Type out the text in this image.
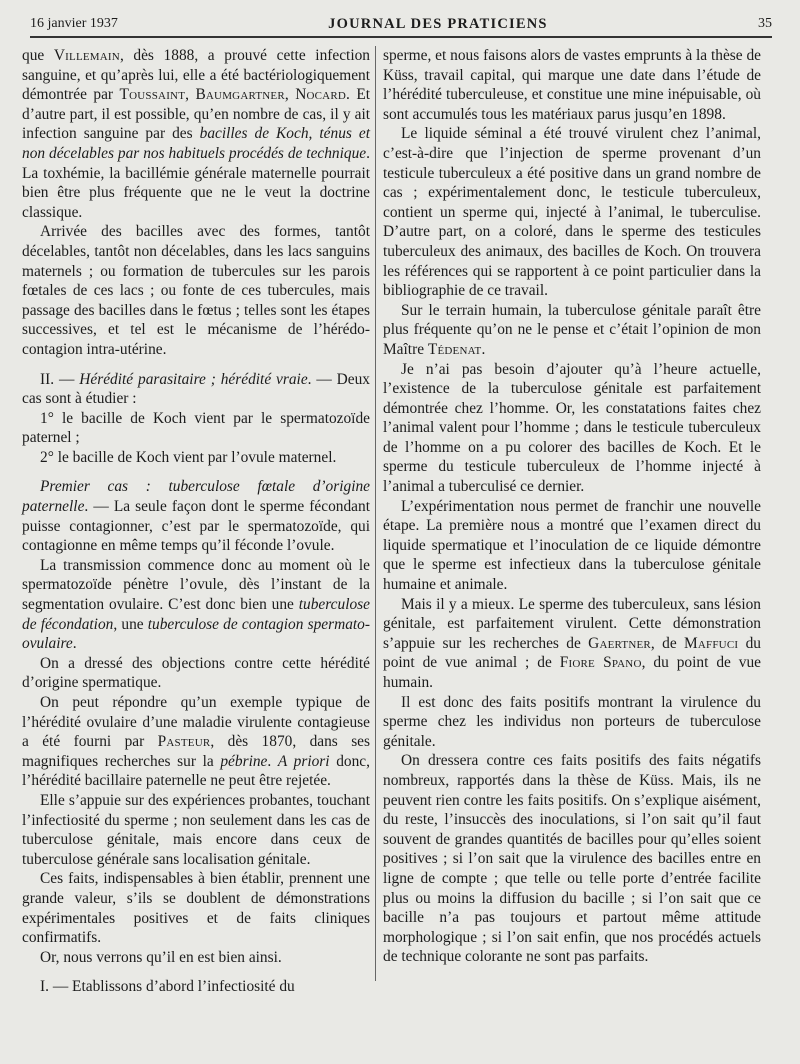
16 janvier 1937	JOURNAL DES PRATICIENS	35

que Villemain, dès 1888, a prouvé cette infection sanguine, et qu’après lui, elle a été bactériologiquement démontrée par Toussaint, Baumgartner, Nocard. Et d’autre part, il est possible, qu’en nombre de cas, il y ait infection sanguine par des bacilles de Koch, ténus et non décelables par nos habituels procédés de technique. La toxhémie, la bacillémie générale maternelle pourrait bien être plus fréquente que ne le veut la doctrine classique.

Arrivée des bacilles avec des formes, tantôt décelables, tantôt non décelables, dans les lacs sanguins maternels ; ou formation de tubercules sur les parois fœtales de ces lacs ; ou fonte de ces tubercules, mais passage des bacilles dans le fœtus ; telles sont les étapes successives, et tel est le mécanisme de l’hérédo-contagion intra-utérine.

II. — Hérédité parasitaire ; hérédité vraie. — Deux cas sont à étudier :

1° le bacille de Koch vient par le spermatozoïde paternel ;

2° le bacille de Koch vient par l’ovule maternel.

Premier cas : tuberculose fœtale d’origine paternelle. — La seule façon dont le sperme fécondant puisse contagionner, c’est par le spermatozoïde, qui contagionne en même temps qu’il féconde l’ovule.

La transmission commence donc au moment où le spermatozoïde pénètre l’ovule, dès l’instant de la segmentation ovulaire. C’est donc bien une tuberculose de fécondation, une tuberculose de contagion spermato-ovulaire.

On a dressé des objections contre cette hérédité d’origine spermatique.

On peut répondre qu’un exemple typique de l’hérédité ovulaire d’une maladie virulente contagieuse a été fourni par Pasteur, dès 1870, dans ses magnifiques recherches sur la pébrine. A priori donc, l’hérédité bacillaire paternelle ne peut être rejetée.

Elle s’appuie sur des expériences probantes, touchant l’infectiosité du sperme ; non seulement dans les cas de tuberculose génitale, mais encore dans ceux de tuberculose générale sans localisation génitale.

Ces faits, indispensables à bien établir, prennent une grande valeur, s’ils se doublent de démonstrations expérimentales positives et de faits cliniques confirmatifs.

Or, nous verrons qu’il en est bien ainsi.

I. — Etablissons d’abord l’infectiosité du

sperme, et nous faisons alors de vastes emprunts à la thèse de Küss, travail capital, qui marque une date dans l’étude de l’hérédité tuberculeuse, et constitue une mine inépuisable, où sont accumulés tous les matériaux parus jusqu’en 1898.

Le liquide séminal a été trouvé virulent chez l’animal, c’est-à-dire que l’injection de sperme provenant d’un testicule tuberculeux a été positive dans un grand nombre de cas ; expérimentalement donc, le testicule tuberculeux, contient un sperme qui, injecté à l’animal, le tuberculise. D’autre part, on a coloré, dans le sperme des testicules tuberculeux des animaux, des bacilles de Koch. On trouvera les références qui se rapportent à ce point particulier dans la bibliographie de ce travail.

Sur le terrain humain, la tuberculose génitale paraît être plus fréquente qu’on ne le pense et c’était l’opinion de mon Maître Tédenat.

Je n’ai pas besoin d’ajouter qu’à l’heure actuelle, l’existence de la tuberculose génitale est parfaitement démontrée chez l’homme. Or, les constatations faites chez l’animal valent pour l’homme ; dans le testicule tuberculeux de l’homme on a pu colorer des bacilles de Koch. Et le sperme du testicule tuberculeux de l’homme injecté à l’animal a tuberculisé ce dernier.

L’expérimentation nous permet de franchir une nouvelle étape. La première nous a montré que l’examen direct du liquide spermatique et l’inoculation de ce liquide démontre que le sperme est infectieux dans la tuberculose génitale humaine et animale.

Mais il y a mieux. Le sperme des tuberculeux, sans lésion génitale, est parfaitement virulent. Cette démonstration s’appuie sur les recherches de Gaertner, de Maffuci du point de vue animal ; de Fiore Spano, du point de vue humain.

Il est donc des faits positifs montrant la virulence du sperme chez les individus non porteurs de tuberculose génitale.

On dressera contre ces faits positifs des faits négatifs nombreux, rapportés dans la thèse de Küss. Mais, ils ne peuvent rien contre les faits positifs. On s’explique aisément, du reste, l’insuccès des inoculations, si l’on sait qu’il faut souvent de grandes quantités de bacilles pour qu’elles soient positives ; si l’on sait que la virulence des bacilles entre en ligne de compte ; que telle ou telle porte d’entrée facilite plus ou moins la diffusion du bacille ; si l’on sait que ce bacille n’a pas toujours et partout même attitude morphologique ; si l’on sait enfin, que nos procédés actuels de technique colorante ne sont pas parfaits.
